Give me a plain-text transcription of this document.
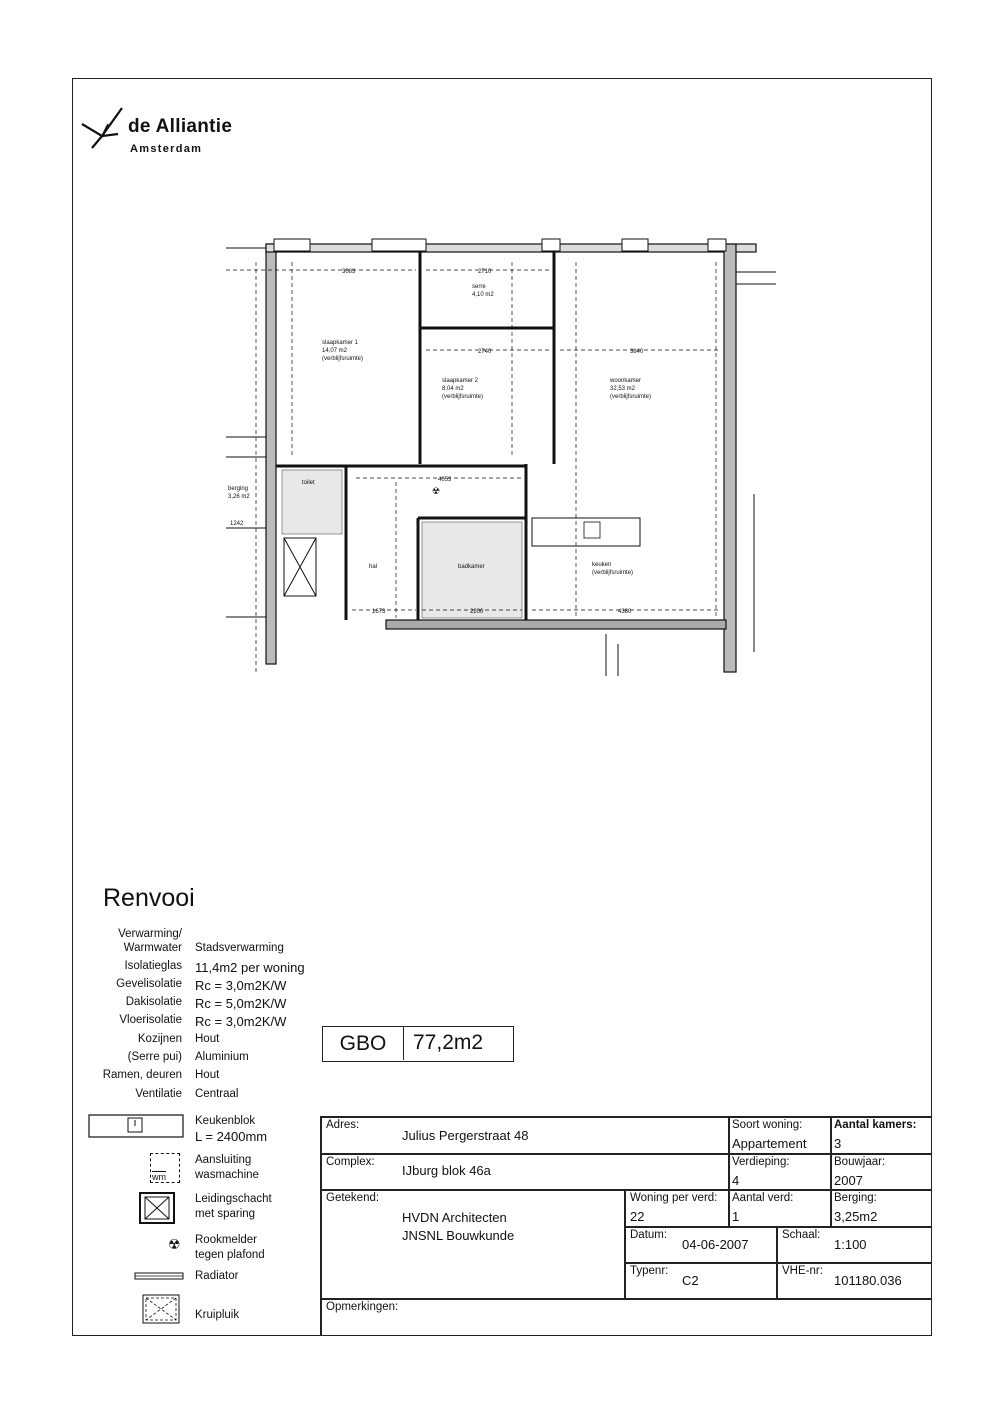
de Alliantie
Amsterdam
3083	2710
2740	3840
4053
1673	2200	4380
1242
slaapkamer 1
14,07 m2
(verblijfsruimte)
serre
4,10 m2
slaapkamer 2
8,04 m2
(verblijfsruimte)
woonkamer
32,53 m2
(verblijfsruimte)
keuken
(verblijfsruimte)
hal	badkamer
toilet
berging
3,26 m2	☢
Renvooi
Verwarming/
Warmwater Stadsverwarming
Isolatieglas 11,4m2 per woning
Gevelisolatie Rc = 3,0m2K/W
Dakisolatie Rc = 5,0m2K/W
Vloerisolatie Rc = 3,0m2K/W
Kozijnen Hout
(Serre pui) Aluminium
Ramen, deuren Hout
Ventilatie Centraal
Keukenblok
L = 2400mm
wm
Aansluiting
wasmachine
Leidingschacht
met sparing
☢ Rookmelder
tegen plafond
Radiator
Kruipluik
GBO	77,2m2
Adres:
Julius Pergerstraat 48
Soort woning:
Appartement
Aantal kamers:
3
Complex:
IJburg blok 46a
Verdieping:
4
Bouwjaar:
2007
Getekend:
HVDN Architecten
JNSNL Bouwkunde
Woning per verd:
22
Aantal verd:
1
Berging:
3,25m2
Datum:
04-06-2007
Schaal:
1:100
Typenr:
C2
VHE-nr:
101180.036
Opmerkingen:
